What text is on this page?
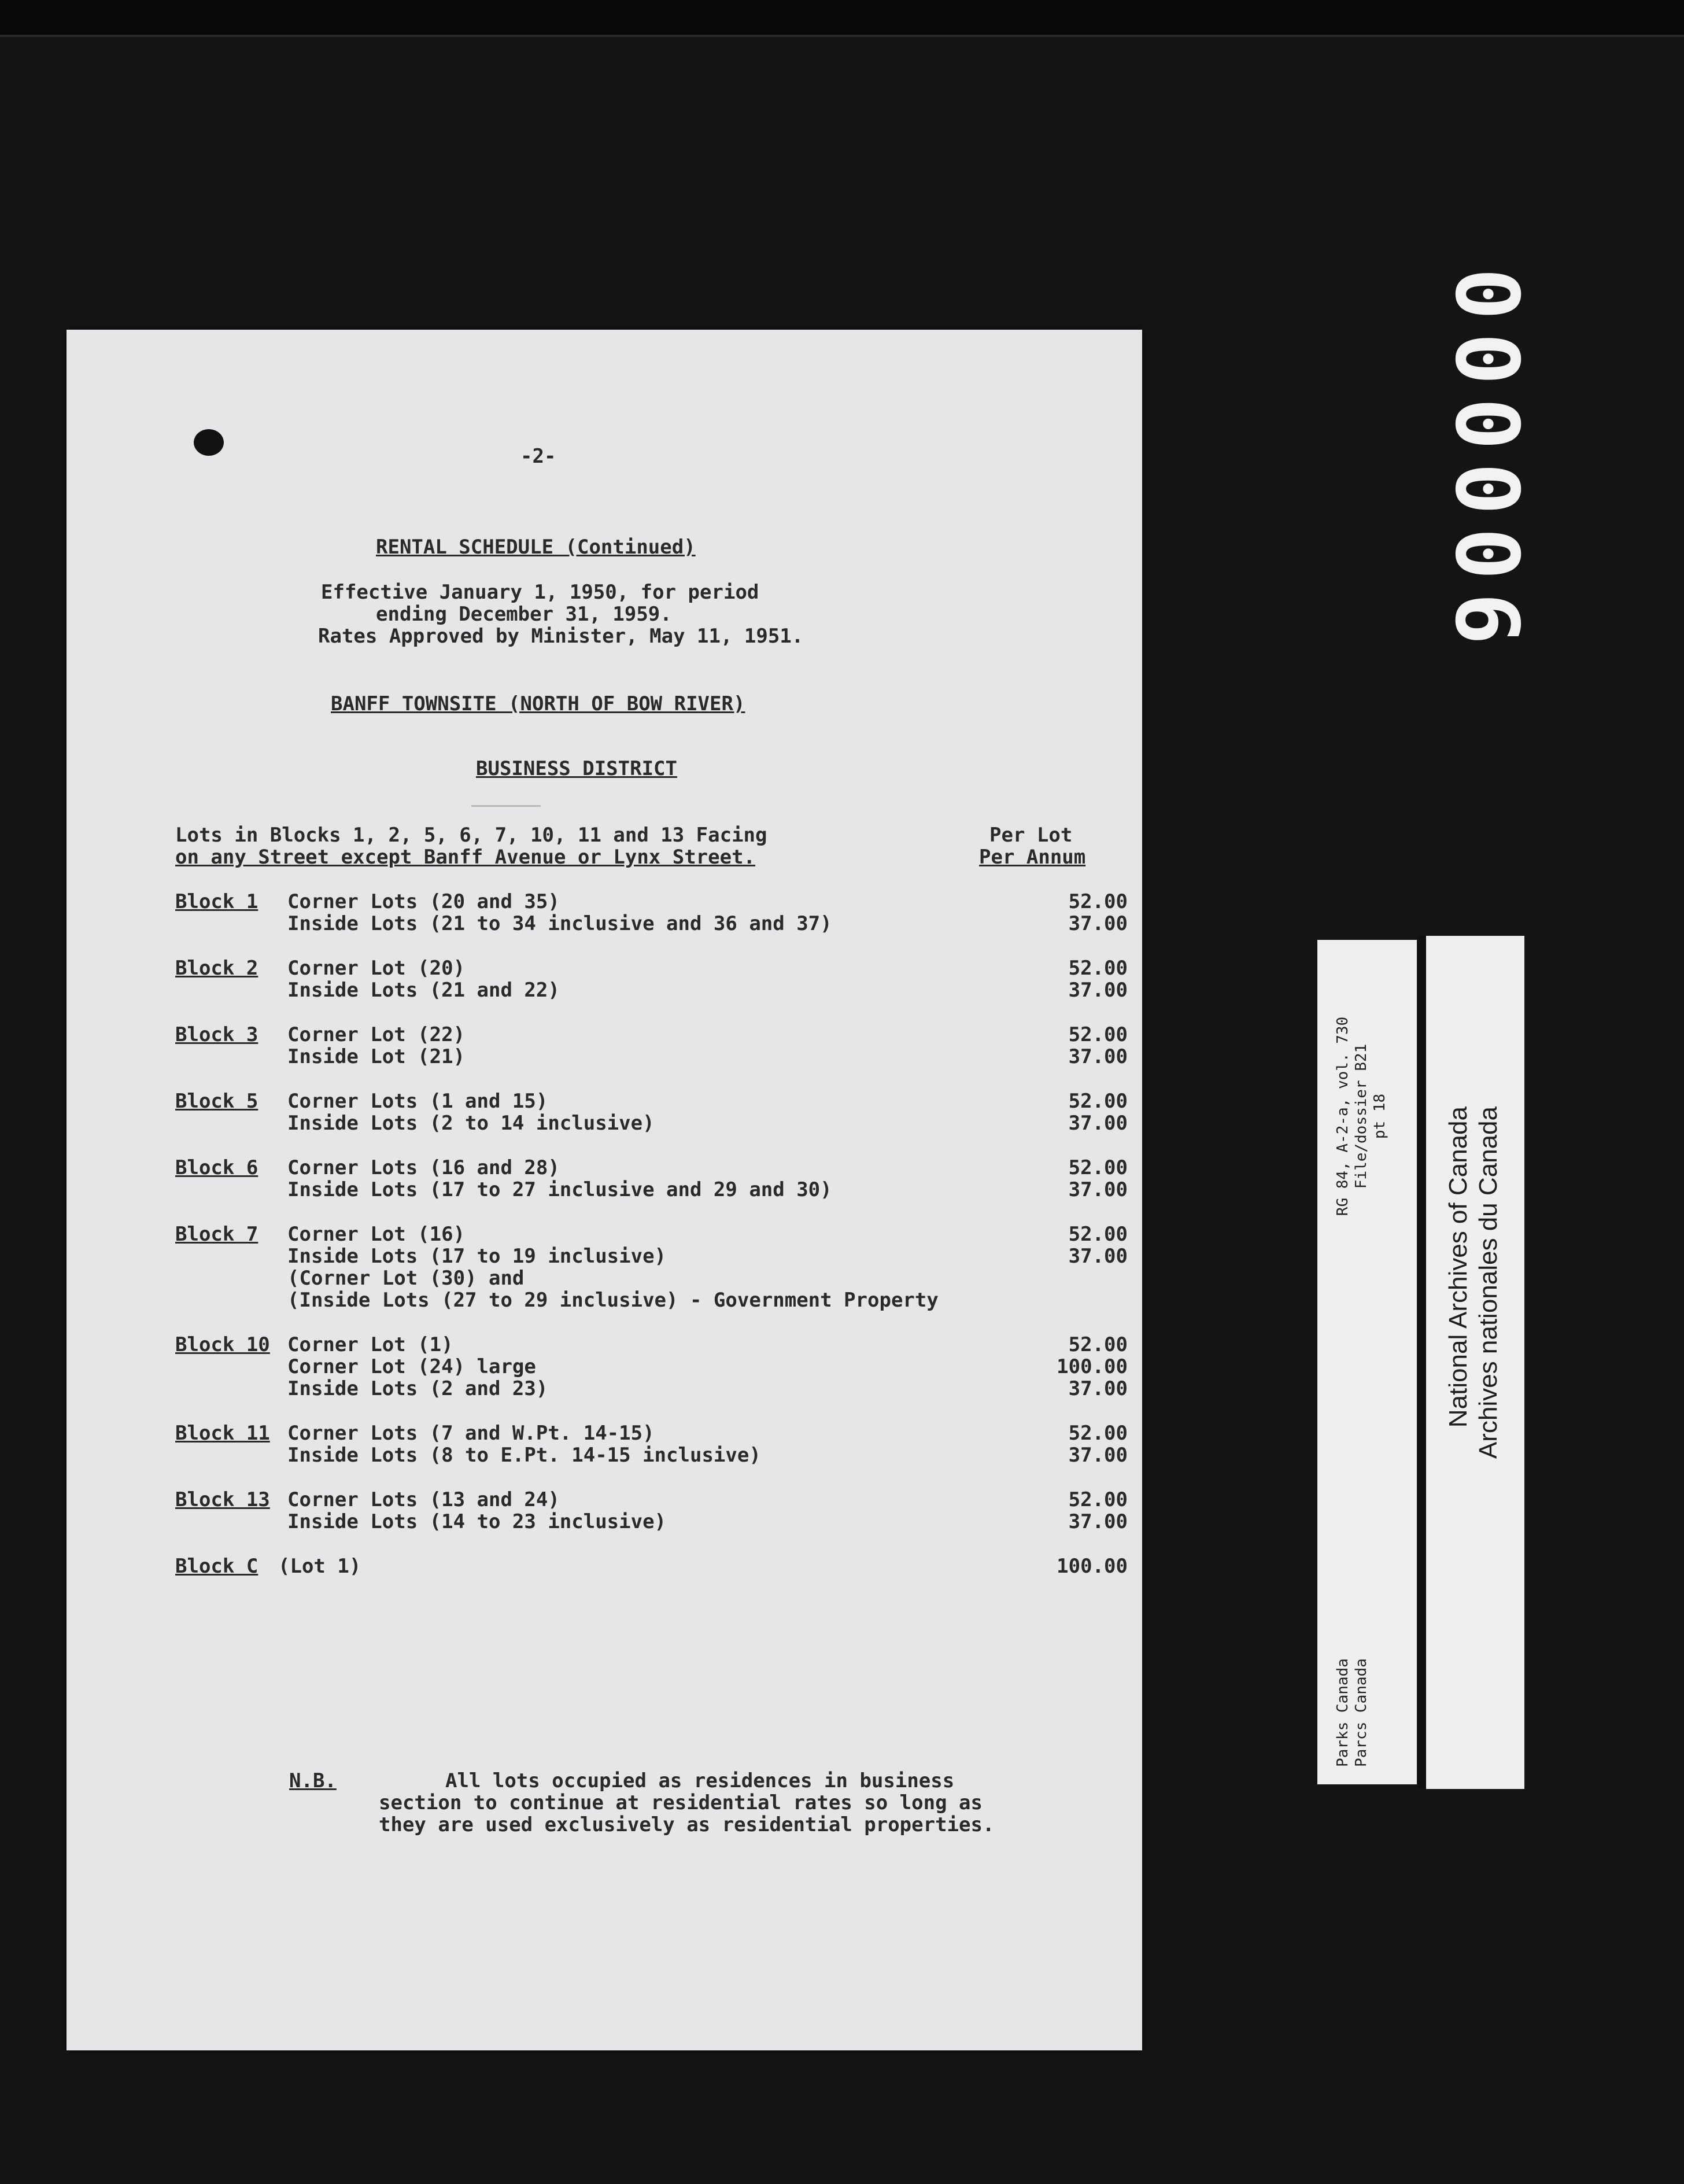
000006
-2-
RENTAL SCHEDULE (Continued)
Effective January 1, 1950, for period
ending December 31, 1959.
Rates Approved by Minister, May 11, 1951.
BANFF TOWNSITE (NORTH OF BOW RIVER)
BUSINESS DISTRICT
Lots in Blocks 1, 2, 5, 6, 7, 10, 11 and 13 Facing
on any Street except Banff Avenue or Lynx Street.
Per Lot
Per Annum
Block 1 Corner Lots (20 and 35)	52.00
Inside Lots (21 to 34 inclusive and 36 and 37)	37.00
Block 2 Corner Lot (20)	52.00
Inside Lots (21 and 22)	37.00
Block 3 Corner Lot (22)	52.00
Inside Lot (21)	37.00
Block 5 Corner Lots (1 and 15)	52.00
Inside Lots (2 to 14 inclusive)	37.00
Block 6 Corner Lots (16 and 28)	52.00
Inside Lots (17 to 27 inclusive and 29 and 30)	37.00
Block 7 Corner Lot (16)	52.00
Inside Lots (17 to 19 inclusive)	37.00
(Corner Lot (30) and
(Inside Lots (27 to 29 inclusive) - Government Property
Block 10 Corner Lot (1)	52.00
Corner Lot (24) large	100.00
Inside Lots (2 and 23)	37.00
Block 11 Corner Lots (7 and W.Pt. 14-15)	52.00
Inside Lots (8 to E.Pt. 14-15 inclusive)	37.00
Block 13 Corner Lots (13 and 24)	52.00
Inside Lots (14 to 23 inclusive)	37.00
Block C (Lot 1)	100.00
N.B.	All lots occupied as residences in business
section to continue at residential rates so long as
they are used exclusively as residential properties.
Parks Canada Parcs Canada
RG 84, A-2-a, vol. 730 File/dossier B21 pt 18 National Archives of Canada Archives nationales du Canada
